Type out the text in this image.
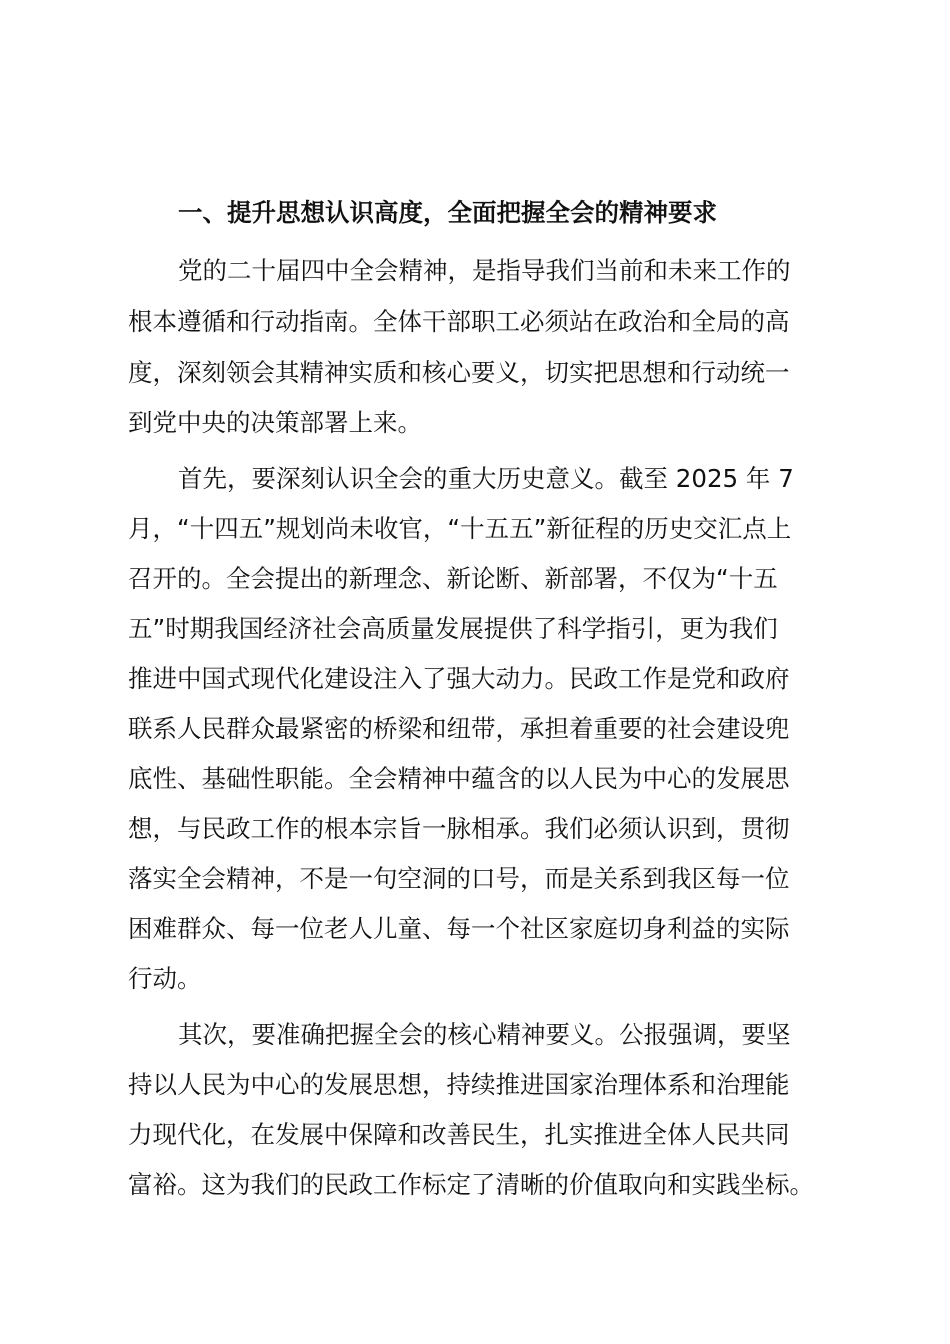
一、提升思想认识高度，全面把握全会的精神要求
党的二十届四中全会精神，是指导我们当前和未来工作的
根本遵循和行动指南。全体干部职工必须站在政治和全局的高
度，深刻领会其精神实质和核心要义，切实把思想和行动统一
到党中央的决策部署上来。
首先，要深刻认识全会的重大历史意义。截至 2025 年 7
月，“十四五”规划尚未收官，“十五五”新征程的历史交汇点上
召开的。全会提出的新理念、新论断、新部署，不仅为“十五
五”时期我国经济社会高质量发展提供了科学指引，更为我们
推进中国式现代化建设注入了强大动力。民政工作是党和政府
联系人民群众最紧密的桥梁和纽带，承担着重要的社会建设兜
底性、基础性职能。全会精神中蕴含的以人民为中心的发展思
想，与民政工作的根本宗旨一脉相承。我们必须认识到，贯彻
落实全会精神，不是一句空洞的口号，而是关系到我区每一位
困难群众、每一位老人儿童、每一个社区家庭切身利益的实际
行动。
其次，要准确把握全会的核心精神要义。公报强调，要坚
持以人民为中心的发展思想，持续推进国家治理体系和治理能
力现代化，在发展中保障和改善民生，扎实推进全体人民共同
富裕。这为我们的民政工作标定了清晰的价值取向和实践坐标。
